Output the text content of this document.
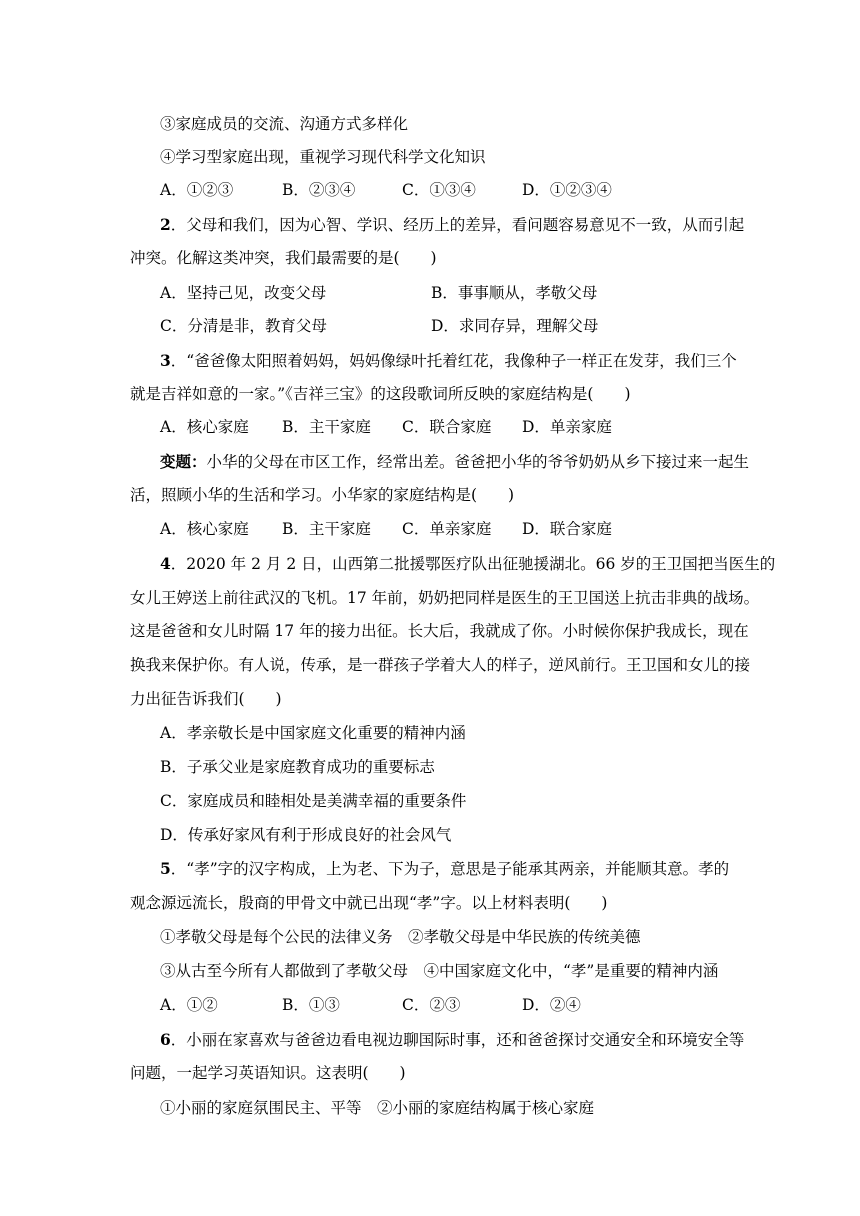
③家庭成员的交流、沟通方式多样化
④学习型家庭出现，重视学习现代科学文化知识
A．①②③	B．②③④	C．①③④	D．①②③④
2．父母和我们，因为心智、学识、经历上的差异，看问题容易意见不一致，从而引起
冲突。化解这类冲突，我们最需要的是(　　)
A．坚持己见，改变父母	B．事事顺从，孝敬父母
C．分清是非，教育父母	D．求同存异，理解父母
3．“爸爸像太阳照着妈妈，妈妈像绿叶托着红花，我像种子一样正在发芽，我们三个
就是吉祥如意的一家。”《吉祥三宝》的这段歌词所反映的家庭结构是(　　)
A．核心家庭 B．主干家庭 C．联合家庭 D．单亲家庭
变题：小华的父母在市区工作，经常出差。爸爸把小华的爷爷奶奶从乡下接过来一起生
活，照顾小华的生活和学习。小华家的家庭结构是(　　)
A．核心家庭 B．主干家庭 C．单亲家庭 D．联合家庭
4．2020 年 2 月 2 日，山西第二批援鄂医疗队出征驰援湖北。66 岁的王卫国把当医生的
女儿王婷送上前往武汉的飞机。17 年前，奶奶把同样是医生的王卫国送上抗击非典的战场。
这是爸爸和女儿时隔 17 年的接力出征。长大后，我就成了你。小时候你保护我成长，现在
换我来保护你。有人说，传承，是一群孩子学着大人的样子，逆风前行。王卫国和女儿的接
力出征告诉我们(　　)
A．孝亲敬长是中国家庭文化重要的精神内涵
B．子承父业是家庭教育成功的重要标志
C．家庭成员和睦相处是美满幸福的重要条件
D．传承好家风有利于形成良好的社会风气
5．“孝”字的汉字构成，上为老、下为子，意思是子能承其两亲，并能顺其意。孝的
观念源远流长，殷商的甲骨文中就已出现“孝”字。以上材料表明(　　)
①孝敬父母是每个公民的法律义务　②孝敬父母是中华民族的传统美德
③从古至今所有人都做到了孝敬父母　④中国家庭文化中，“孝”是重要的精神内涵
A．①②	B．①③	C．②③	D．②④
6．小丽在家喜欢与爸爸边看电视边聊国际时事，还和爸爸探讨交通安全和环境安全等
问题，一起学习英语知识。这表明(　　)
①小丽的家庭氛围民主、平等　②小丽的家庭结构属于核心家庭
